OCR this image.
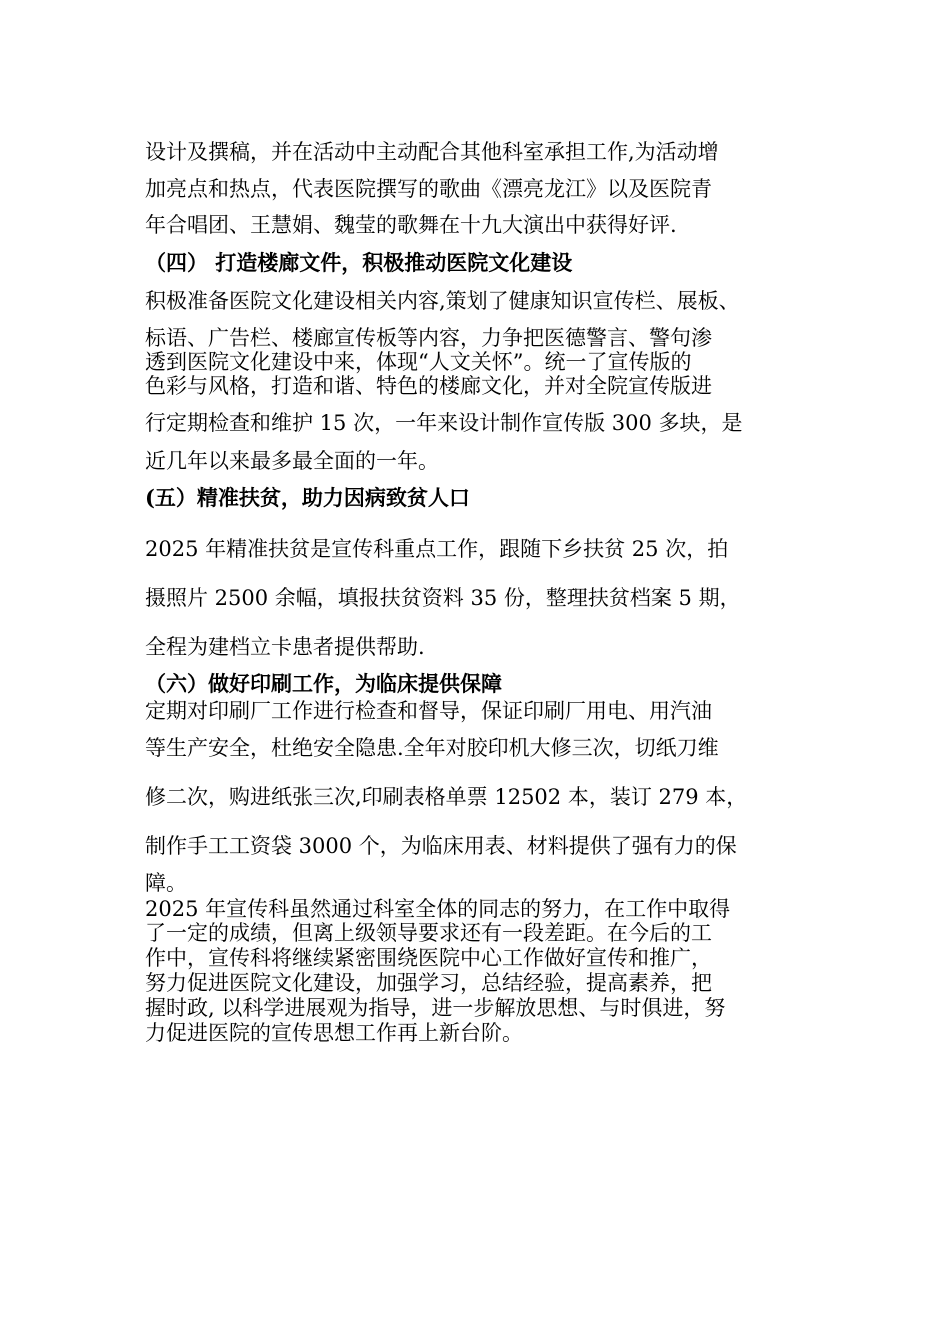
设计及撰稿，并在活动中主动配合其他科室承担工作,为活动增

加亮点和热点，代表医院撰写的歌曲《漂亮龙江》以及医院青

年合唱团、王慧娟、魏莹的歌舞在十九大演出中获得好评.

（四） 打造楼廊文件，积极推动医院文化建设

积极准备医院文化建设相关内容,策划了健康知识宣传栏、展板、

标语、广告栏、楼廊宣传板等内容，力争把医德警言、警句渗

透到医院文化建设中来，体现“人文关怀”。统一了宣传版的

色彩与风格，打造和谐、特色的楼廊文化，并对全院宣传版进

行定期检查和维护 15 次，一年来设计制作宣传版 300 多块，是

近几年以来最多最全面的一年。

(五）精准扶贫，助力因病致贫人口

2025 年精准扶贫是宣传科重点工作，跟随下乡扶贫 25 次，拍

摄照片 2500 余幅，填报扶贫资料 35 份，整理扶贫档案 5 期，

全程为建档立卡患者提供帮助.

（六）做好印刷工作，为临床提供保障

定期对印刷厂工作进行检查和督导，保证印刷厂用电、用汽油

等生产安全，杜绝安全隐患.全年对胶印机大修三次，切纸刀维

修二次，购进纸张三次,印刷表格单票 12502 本，装订 279 本，

制作手工工资袋 3000 个，为临床用表、材料提供了强有力的保

障。

2025 年宣传科虽然通过科室全体的同志的努力，在工作中取得

了一定的成绩，但离上级领导要求还有一段差距。在今后的工

作中，宣传科将继续紧密围绕医院中心工作做好宣传和推广，

努力促进医院文化建设，加强学习，总结经验，提高素养，把

握时政, 以科学进展观为指导，进一步解放思想、与时俱进，努

力促进医院的宣传思想工作再上新台阶。
